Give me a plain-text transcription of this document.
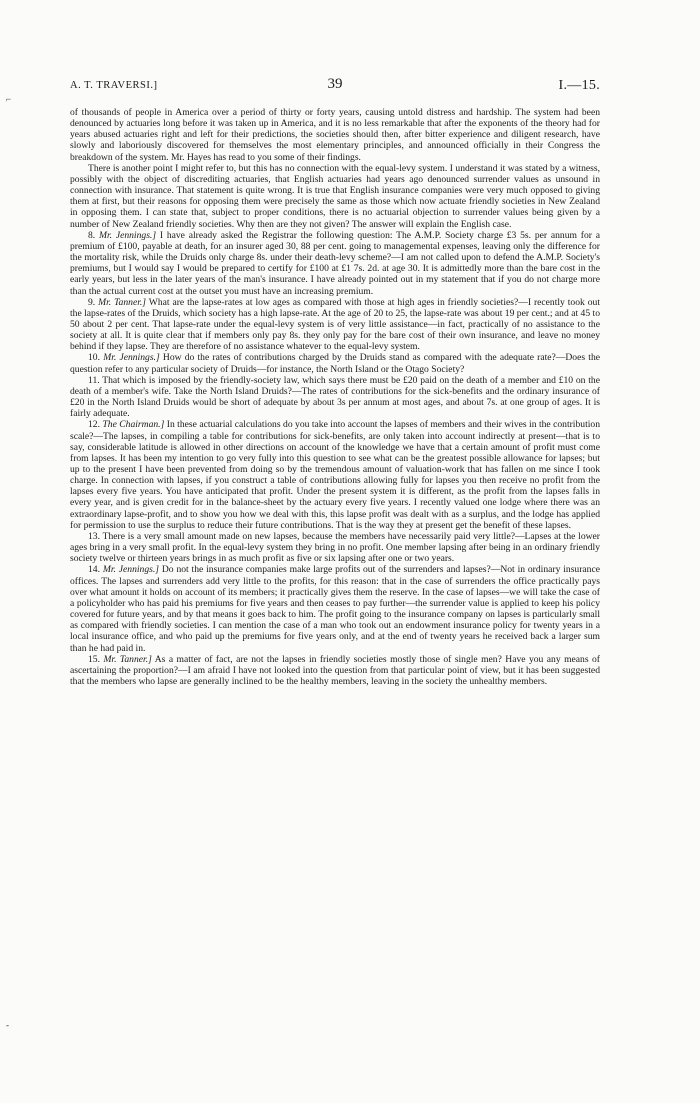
A. T. TRAVERSI.]	39	I.—15.
⌐
-

of thousands of people in America over a period of thirty or forty years, causing untold distress and hardship. The system had been denounced by actuaries long before it was taken up in America, and it is no less remarkable that after the exponents of the theory had for years abused actuaries right and left for their predictions, the societies should then, after bitter experience and diligent research, have slowly and laboriously discovered for themselves the most elementary principles, and announced officially in their Congress the breakdown of the system. Mr. Hayes has read to you some of their findings.

There is another point I might refer to, but this has no connection with the equal-levy system. I understand it was stated by a witness, possibly with the object of discrediting actuaries, that English actuaries had years ago denounced surrender values as unsound in connection with insurance. That statement is quite wrong. It is true that English insurance companies were very much opposed to giving them at first, but their reasons for opposing them were precisely the same as those which now actuate friendly societies in New Zealand in opposing them. I can state that, subject to proper conditions, there is no actuarial objection to surrender values being given by a number of New Zealand friendly societies. Why then are they not given? The answer will explain the English case.

8. Mr. Jennings.] I have already asked the Registrar the following question: The A.M.P. Society charge £3 5s. per annum for a premium of £100, payable at death, for an insurer aged 30, 88 per cent. going to managemental expenses, leaving only the difference for the mortality risk, while the Druids only charge 8s. under their death-levy scheme?—I am not called upon to defend the A.M.P. Society's premiums, but I would say I would be prepared to certify for £100 at £1 7s. 2d. at age 30. It is admittedly more than the bare cost in the early years, but less in the later years of the man's insurance. I have already pointed out in my statement that if you do not charge more than the actual current cost at the outset you must have an increasing premium.

9. Mr. Tanner.] What are the lapse-rates at low ages as compared with those at high ages in friendly societies?—I recently took out the lapse-rates of the Druids, which society has a high lapse-rate. At the age of 20 to 25, the lapse-rate was about 19 per cent.; and at 45 to 50 about 2 per cent. That lapse-rate under the equal-levy system is of very little assistance—in fact, practically of no assistance to the society at all. It is quite clear that if members only pay 8s. they only pay for the bare cost of their own insurance, and leave no money behind if they lapse. They are therefore of no assistance whatever to the equal-levy system.

10. Mr. Jennings.] How do the rates of contributions charged by the Druids stand as compared with the adequate rate?—Does the question refer to any particular society of Druids—for instance, the North Island or the Otago Society?

11. That which is imposed by the friendly-society law, which says there must be £20 paid on the death of a member and £10 on the death of a member's wife. Take the North Island Druids?—The rates of contributions for the sick-benefits and the ordinary insurance of £20 in the North Island Druids would be short of adequate by about 3s per annum at most ages, and about 7s. at one group of ages. It is fairly adequate.

12. The Chairman.] In these actuarial calculations do you take into account the lapses of members and their wives in the contribution scale?—The lapses, in compiling a table for contributions for sick-benefits, are only taken into account indirectly at present—that is to say, considerable latitude is allowed in other directions on account of the knowledge we have that a certain amount of profit must come from lapses. It has been my intention to go very fully into this question to see what can be the greatest possible allowance for lapses; but up to the present I have been prevented from doing so by the tremendous amount of valuation-work that has fallen on me since I took charge. In connection with lapses, if you construct a table of contributions allowing fully for lapses you then receive no profit from the lapses every five years. You have anticipated that profit. Under the present system it is different, as the profit from the lapses falls in every year, and is given credit for in the balance-sheet by the actuary every five years. I recently valued one lodge where there was an extraordinary lapse-profit, and to show you how we deal with this, this lapse profit was dealt with as a surplus, and the lodge has applied for permission to use the surplus to reduce their future contributions. That is the way they at present get the benefit of these lapses.

13. There is a very small amount made on new lapses, because the members have necessarily paid very little?—Lapses at the lower ages bring in a very small profit. In the equal-levy system they bring in no profit. One member lapsing after being in an ordinary friendly society twelve or thirteen years brings in as much profit as five or six lapsing after one or two years.

14. Mr. Jennings.] Do not the insurance companies make large profits out of the surrenders and lapses?—Not in ordinary insurance offices. The lapses and surrenders add very little to the profits, for this reason: that in the case of surrenders the office practically pays over what amount it holds on account of its members; it practically gives them the reserve. In the case of lapses—we will take the case of a policyholder who has paid his premiums for five years and then ceases to pay further—the surrender value is applied to keep his policy covered for future years, and by that means it goes back to him. The profit going to the insurance company on lapses is particularly small as compared with friendly societies. I can mention the case of a man who took out an endowment insurance policy for twenty years in a local insurance office, and who paid up the premiums for five years only, and at the end of twenty years he received back a larger sum than he had paid in.

15. Mr. Tanner.] As a matter of fact, are not the lapses in friendly societies mostly those of single men? Have you any means of ascertaining the proportion?—I am afraid I have not looked into the question from that particular point of view, but it has been suggested that the members who lapse are generally inclined to be the healthy members, leaving in the society the unhealthy members.
